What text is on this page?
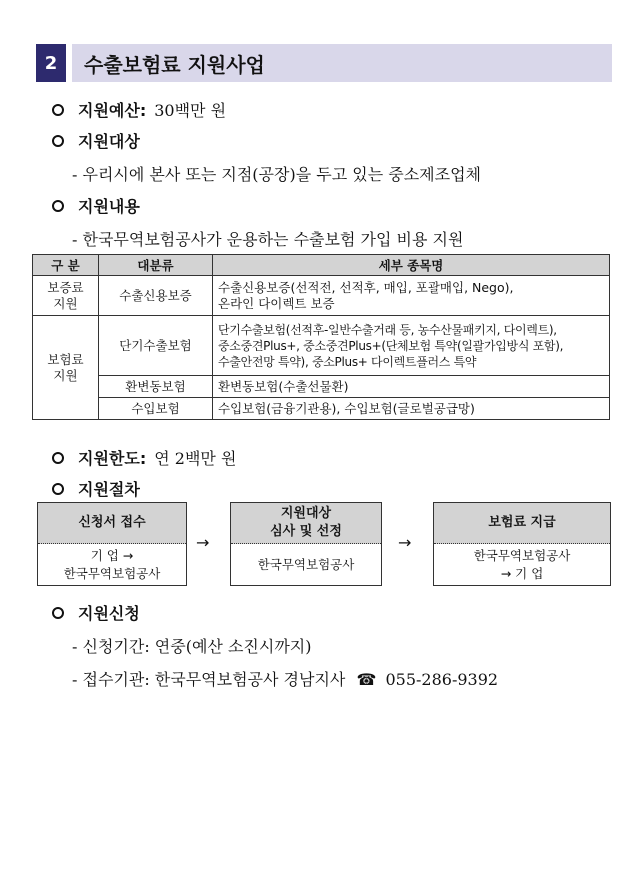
2	수출보험료 지원사업
지원예산: 30백만 원
지원대상
- 우리시에 본사 또는 지점(공장)을 두고 있는 중소제조업체
지원내용
- 한국무역보험공사가 운용하는 수출보험 가입 비용 지원
구 분	대분류	세부 종목명
보증료
지원	수출신용보증	수출신용보증(선적전, 선적후, 매입, 포괄매입, Nego),
온라인 다이렉트 보증
보험료
지원	단기수출보험	단기수출보험(선적후-일반수출거래 등, 농수산물패키지, 다이렉트),
중소중견Plus+, 중소중견Plus+(단체보험 특약(일괄가입방식 포함),
수출안전망 특약), 중소Plus+ 다이렉트플러스 특약
	환변동보험	환변동보험(수출선물환)
	수입보험	수입보험(금융기관용), 수입보험(글로벌공급망)
지원한도: 연 2백만 원
지원절차
신청서 접수
기 업 →
한국무역보험공사
→
지원대상
심사 및 선정
한국무역보험공사
→
보험료 지급
한국무역보험공사
→ 기 업
지원신청
- 신청기간: 연중(예산 소진시까지)
- 접수기관: 한국무역보험공사 경남지사 ☎ 055-286-9392
